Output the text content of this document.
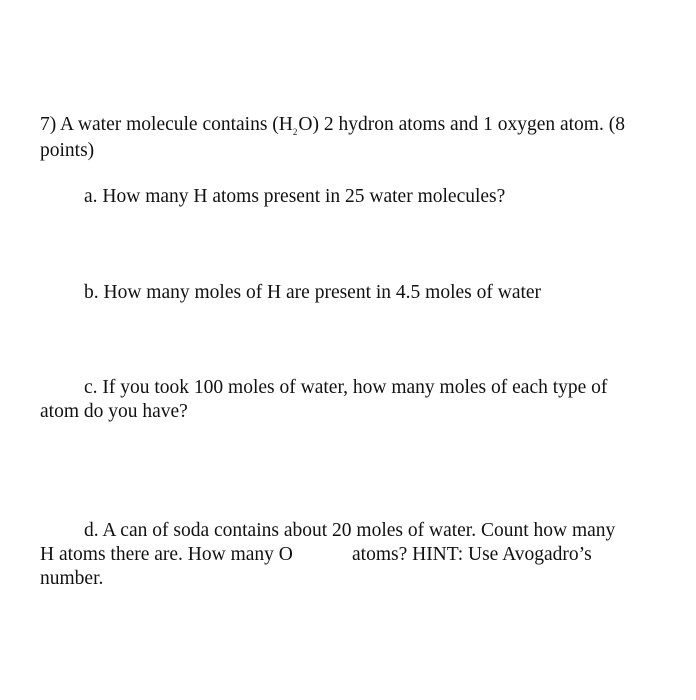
7) A water molecule contains $(H_2O)$ 2 hydron atoms and 1 oxygen atom. (8
points)
a. How many H atoms present in 25 water molecules?
b. How many moles of H are present in 4.5 moles of water
c. If you took 100 moles of water, how many moles of each type of
atom do you have?
d. A can of soda contains about 20 moles of water. Count how many
H atoms there are. How many O	atoms? HINT: Use Avogadro’s
number.
